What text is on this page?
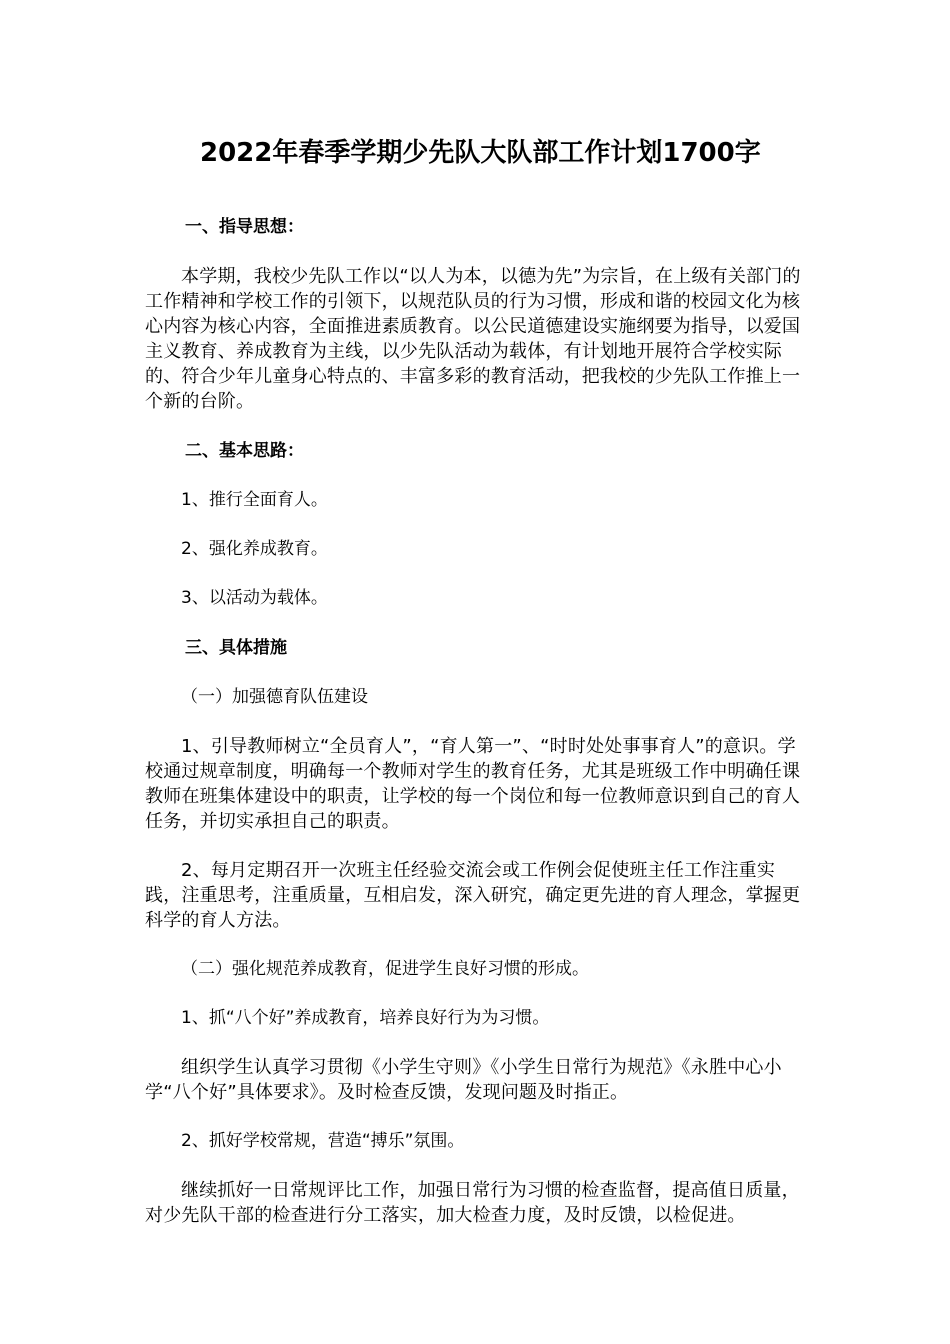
2022年春季学期少先队大队部工作计划1700字
一、指导思想：

本学期，我校少先队工作以“以人为本，以德为先”为宗旨，在上级有关部门的工作精神和学校工作的引领下，以规范队员的行为习惯，形成和谐的校园文化为核心内容为核心内容，全面推进素质教育。以公民道德建设实施纲要为指导，以爱国主义教育、养成教育为主线，以少先队活动为载体，有计划地开展符合学校实际的、符合少年儿童身心特点的、丰富多彩的教育活动，把我校的少先队工作推上一个新的台阶。

二、基本思路：
1、推行全面育人。
2、强化养成教育。
3、以活动为载体。
三、具体措施
（一）加强德育队伍建设

1、引导教师树立“全员育人”，“育人第一”、“时时处处事事育人”的意识。学校通过规章制度，明确每一个教师对学生的教育任务，尤其是班级工作中明确任课教师在班集体建设中的职责，让学校的每一个岗位和每一位教师意识到自己的育人任务，并切实承担自己的职责。

2、每月定期召开一次班主任经验交流会或工作例会促使班主任工作注重实践，注重思考，注重质量，互相启发，深入研究，确定更先进的育人理念，掌握更科学的育人方法。

（二）强化规范养成教育，促进学生良好习惯的形成。
1、抓“八个好”养成教育，培养良好行为为习惯。

组织学生认真学习贯彻《小学生守则》《小学生日常行为规范》《永胜中心小学“八个好”具体要求》。及时检查反馈，发现问题及时指正。

2、抓好学校常规，营造“搏乐”氛围。

继续抓好一日常规评比工作，加强日常行为习惯的检查监督，提高值日质量，对少先队干部的检查进行分工落实，加大检查力度，及时反馈，以检促进。
